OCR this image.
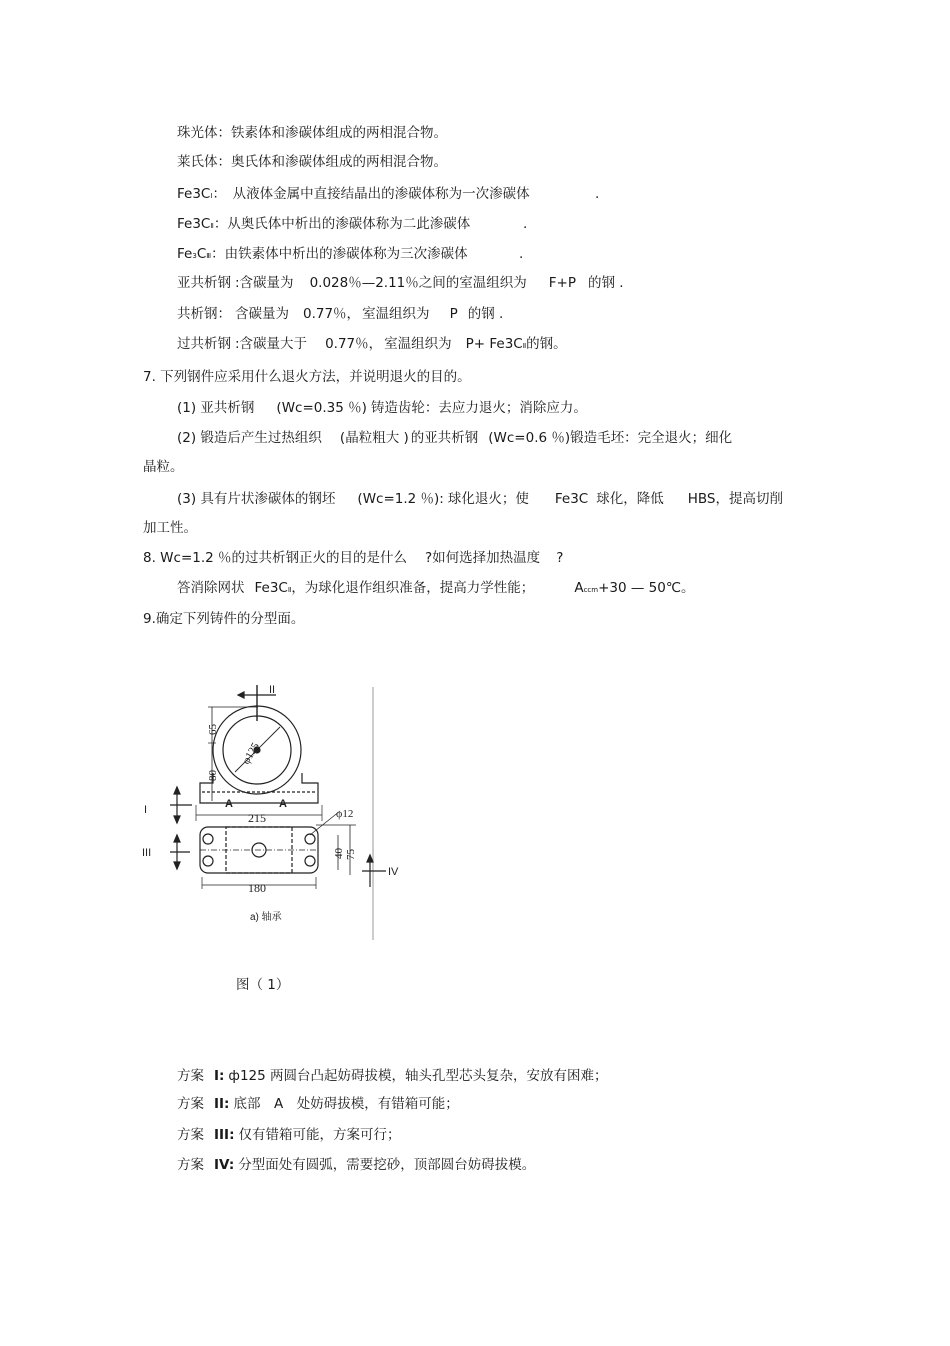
珠光体：铁素体和渗碳体组成的两相混合物。
莱氏体：奥氏体和渗碳体组成的两相混合物。
Fe3CⅠ：　从液体金属中直接结晶出的渗碳体称为一次渗碳体	.
Fe3CⅡ：从奥氏体中析出的渗碳体称为二此渗碳体	.
Fe3CⅢ：由铁素体中析出的渗碳体称为三次渗碳体	.
亚共析钢 :含碳量为 0.028％—2.11％之间的室温组织为 F+P 的钢 .
共析钢： 含碳量为 0.77％， 室温组织为 P 的钢 .
过共析钢 :含碳量大于 0.77％， 室温组织为 P+ Fe3CⅡ的钢。
7. 下列钢件应采用什么退火方法，并说明退火的目的。
(1) 亚共析钢 (Wc=0.35 ％) 铸造齿轮：去应力退火；消除应力。
(2) 锻造后产生过热组织 (晶粒粗大 ) 的亚共析钢 (Wc=0.6 ％)锻造毛坯：完全退火；细化
晶粒。
(3) 具有片状渗碳体的钢坯 (Wc=1.2 ％): 球化退火；使 Fe3C 球化，降低 HBS，提高切削
加工性。
8. Wc=1.2 ％的过共析钢正火的目的是什么 ?如何选择加热温度 ?
答消除网状 Fe3CⅡ，为球化退作组织准备，提高力学性能；	Accm+30 — 50℃。
9.确定下列铸件的分型面。
II
I
III
IV
A	A
215
180
φ12
a) 轴承
65
80
40 75
φ125
图（ 1）
方案 I: ф125 两圆台凸起妨碍拔模，轴头孔型芯头复杂，安放有困难；
方案 II: 底部　A　处妨碍拔模，有错箱可能；
方案 III: 仅有错箱可能，方案可行；
方案 IV: 分型面处有圆弧，需要挖砂，顶部圆台妨碍拔模。
